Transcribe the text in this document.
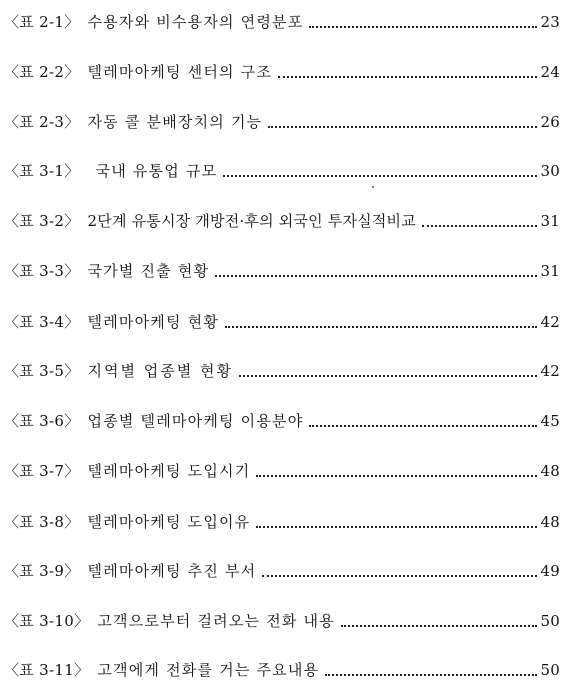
〈표 2-1〉 수용자와 비수용자의 연령분포	23
〈표 2-2〉 텔레마아케팅 센터의 구조	24
〈표 2-3〉 자동 콜 분배장치의 기능	26
〈표 3-1〉 국내 유통업 규모	30
〈표 3-2〉 2단계 유통시장 개방전·후의 외국인 투자실적비교	31
〈표 3-3〉 국가별 진출 현황	31
〈표 3-4〉 텔레마아케팅 현황	42
〈표 3-5〉 지역별 업종별 현황	42
〈표 3-6〉 업종별 텔레마아케팅 이용분야	45
〈표 3-7〉 텔레마아케팅 도입시기	48
〈표 3-8〉 텔레마아케팅 도입이유	48
〈표 3-9〉 텔레마아케팅 추진 부서	49
〈표 3-10〉 고객으로부터 걸려오는 전화 내용	50
〈표 3-11〉 고객에게 전화를 거는 주요내용	50
